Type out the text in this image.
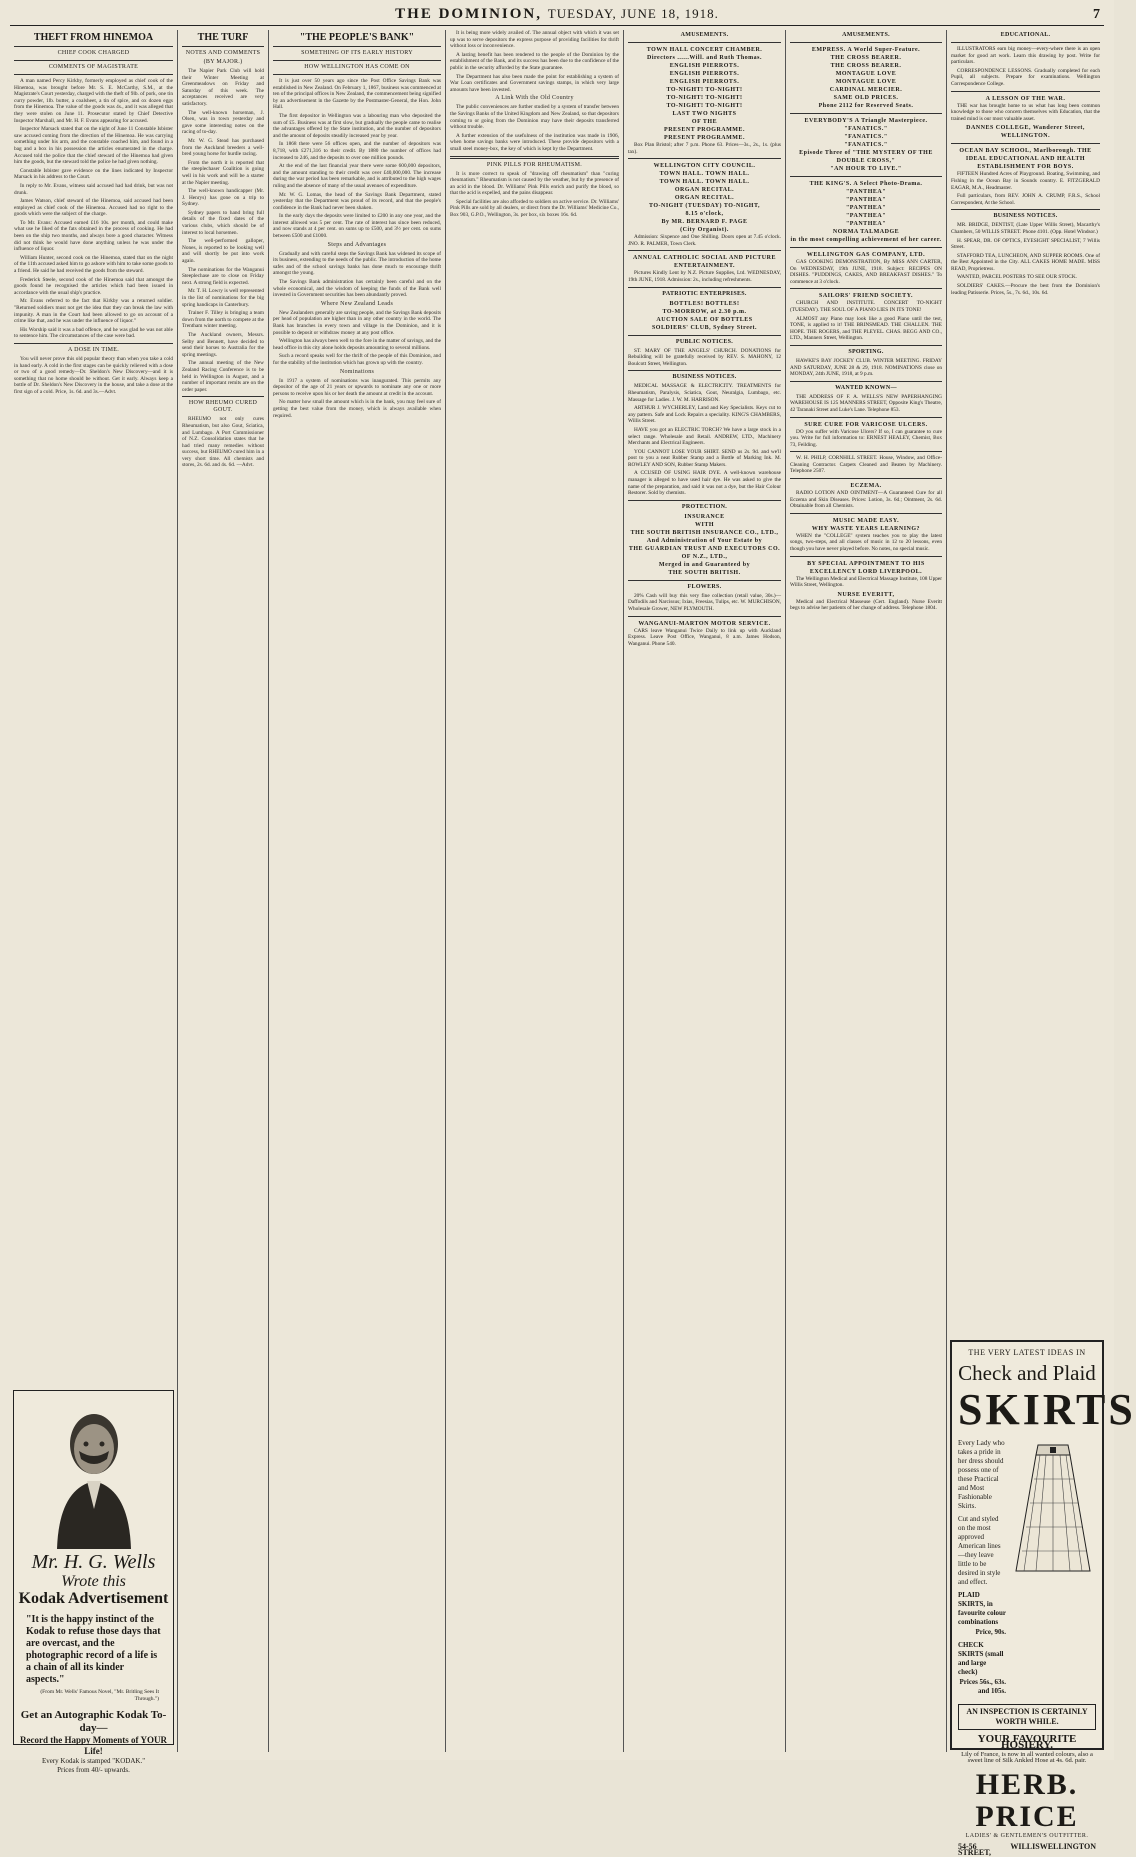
THE DOMINION, TUESDAY, JUNE 18, 1918.	7
THEFT FROM HINEMOA
CHIEF COOK CHARGED
COMMENTS OF MAGISTRATE

A man named Percy Kirkby, formerly employed as chief cook of the Hinemoa, was brought before Mr. S. E. McCarthy, S.M., at the Magistrate's Court yesterday, charged with the theft of 9lb. of pork, one tin curry powder, 1lb. butter, a coalsheet, a tin of spice, and ox dozen eggs from the Hinemoa. The value of the goods was 4s., and it was alleged that they were stolen on June 11. Prosecutor stated by Chief Detective Inspector Marshall, and Mr. H. F. Evans appearing for accused.

Inspector Marsack stated that on the night of June 11 Constable Isbister saw accused coming from the direction of the Hinemoa. He was carrying something under his arm, and the constable coached him, and found in a bag and a box in his possession the articles enumerated in the charge. Accused told the police that the chief steward of the Hinemoa had given him the goods, but the steward told the police he had given nothing.

Constable Isbister gave evidence on the lines indicated by Inspector Marsack in his address to the Court.

In reply to Mr. Evans, witness said accused had had drink, but was not drunk.

James Watson, chief steward of the Hinemoa, said accused had been employed as chief cook of the Hinemoa. Accused had no right to the goods which were the subject of the charge.

To Mr. Evans: Accused earned £16 10s. per month, and could make what use he liked of the fats obtained in the process of cooking. He had been on the ship two months, and always bore a good character. Witness did not think he would have done anything unless he was under the influence of liquor.

William Hunter, second cook on the Hinemoa, stated that on the night of the 11th accused asked him to go ashore with him to take some goods to a friend. He said he had received the goods from the steward.

Frederick Steele, second cook of the Hinemoa said that amongst the goods found he recognised the articles which had been issued in accordance with the usual ship's practice.

Mr. Evans referred to the fact that Kirkby was a returned soldier. "Returned soldiers must not get the idea that they can break the law with impunity. A man in the Court had been allowed to go on account of a crime like that, and he was under the influence of liquor."

His Worship said it was a bad offence, and he was glad he was not able to sentence him. The circumstances of the case were bad.

A DOSE IN TIME.

You will never prove this old popular theory than when you take a cold in hand early. A cold in the first stages can be quickly relieved with a dose or two of a good remedy—Dr. Sheldon's New Discovery—and it is something that no home should be without. Get it early. Always keep a bottle of Dr. Sheldon's New Discovery in the house, and take a dose at the first sign of a cold. Price, 1s. 6d. and 3s.—Advt.

Mr. H. G. Wells
Wrote this
Kodak Advertisement
"It is the happy instinct of the Kodak to refuse those days that are overcast, and the photographic record of a life is a chain of all its kinder aspects."
(From Mr. Wells' Famous Novel, "Mr. Britling Sees It Through.")
Get an Autographic Kodak To-day—
Record the Happy Moments of YOUR Life!
Every Kodak is stamped "KODAK."
Prices from 40/- upwards.
THE TURF
NOTES AND COMMENTS
(BY MAJOR.)

The Napier Park Club will hold their Winter Meeting at Greenmeadows on Friday and Saturday of this week. The acceptances received are very satisfactory.

The well-known horseman, J. Olsen, was in town yesterday and gave some interesting notes on the racing of to-day.

Mr. W. G. Stead has purchased from the Auckland breeders a well-bred young horse for hurdle racing.

From the north it is reported that the steeplechaser Coalition is going well in his work and will be a starter at the Napier meeting.

The well-known handicapper (Mr. J. Henrys) has gone on a trip to Sydney.

Sydney papers to hand bring full details of the fixed dates of the various clubs, which should be of interest to local horsemen.

The well-performed galloper, Nones, is reported to be looking well and will shortly be put into work again.

The nominations for the Wanganui Steeplechase are to close on Friday next. A strong field is expected.

Mr. T. H. Lowry is well represented in the list of nominations for the big spring handicaps in Canterbury.

Trainer F. Tilley is bringing a team down from the north to compete at the Trentham winter meeting.

The Auckland owners, Messrs. Selby and Bennett, have decided to send their horses to Australia for the spring meetings.

The annual meeting of the New Zealand Racing Conference is to be held in Wellington in August, and a number of important remits are on the order paper.

HOW RHEUMO CURED GOUT.

RHEUMO not only cures Rheumatism, but also Gout, Sciatica, and Lumbago. A Port Commissioner of N.Z. Consolidation states that he had tried many remedies without success, but RHEUMO cured him in a very short time. All chemists and stores, 2s. 6d. and 4s. 6d. —Advt.

"THE PEOPLE'S BANK"
SOMETHING OF ITS EARLY HISTORY
HOW WELLINGTON HAS COME ON

It is just over 50 years ago since the Post Office Savings Bank was established in New Zealand. On February 1, 1867, business was commenced at ten of the principal offices in New Zealand, the commencement being signified by an advertisement in the Gazette by the Postmaster-General, the Hon. John Hall.

The first depositor in Wellington was a labouring man who deposited the sum of £5. Business was at first slow, but gradually the people came to realise the advantages offered by the State institution, and the number of depositors and the amount of deposits steadily increased year by year.

In 1868 there were 56 offices open, and the number of depositors was 8,718, with £271,316 to their credit. By 1880 the number of offices had increased to 246, and the deposits to over one million pounds.

At the end of the last financial year there were some 600,000 depositors, and the amount standing to their credit was over £40,000,000. The increase during the war period has been remarkable, and is attributed to the high wages ruling and the absence of many of the usual avenues of expenditure.

Mr. W. G. Lomas, the head of the Savings Bank Department, stated yesterday that the Department was proud of its record, and that the people's confidence in the Bank had never been shaken.

In the early days the deposits were limited to £200 in any one year, and the interest allowed was 5 per cent. The rate of interest has since been reduced, and now stands at 4 per cent. on sums up to £500, and 3½ per cent. on sums between £500 and £1000.

Steps and Advantages

Gradually and with careful steps the Savings Bank has widened its scope of its business, extending to the needs of the public. The introduction of the home safes and of the school savings banks has done much to encourage thrift amongst the young.

The Savings Bank administration has certainly been careful and on the whole economical, and the wisdom of keeping the funds of the Bank well invested in Government securities has been abundantly proved.

Where New Zealand Leads

New Zealanders generally are saving people, and the Savings Bank deposits per head of population are higher than in any other country in the world. The Bank has branches in every town and village in the Dominion, and it is possible to deposit or withdraw money at any post office.

Wellington has always been well to the fore in the matter of savings, and the head office in this city alone holds deposits amounting to several millions.

Such a record speaks well for the thrift of the people of this Dominion, and for the stability of the institution which has grown up with the country.

Nominations

In 1917 a system of nominations was inaugurated. This permits any depositor of the age of 21 years or upwards to nominate any one or more persons to receive upon his or her death the amount at credit in the account.

No matter how small the amount which is in the bank, you may feel sure of getting the best value from the money, which is always available when required.

It is being more widely availed of. The annual object with which it was set up was to serve depositors the express purpose of providing facilities for thrift without loss or inconvenience.

A lasting benefit has been rendered to the people of the Dominion by the establishment of the Bank, and its success has been due to the confidence of the public in the security afforded by the State guarantee.

The Department has also been made the point for establishing a system of War Loan certificates and Government savings stamps, in which very large amounts have been invested.

A Link With the Old Country

The public conveniences are further studied by a system of transfer between the Savings Banks of the United Kingdom and New Zealand, so that depositors coming to or going from the Dominion may have their deposits transferred without trouble.

A further extension of the usefulness of the institution was made in 1906, when home savings banks were introduced. These provide depositors with a small steel money-box, the key of which is kept by the Department.

PINK PILLS FOR RHEUMATISM.

It is more correct to speak of "drawing off rheumatism" than "curing rheumatism." Rheumatism is not caused by the weather, but by the presence of an acid in the blood. Dr. Williams' Pink Pills enrich and purify the blood, so that the acid is expelled, and the pains disappear.

Special facilities are also afforded to soldiers on active service. Dr. Williams' Pink Pills are sold by all dealers, or direct from the Dr. Williams' Medicine Co., Box 903, G.P.O., Wellington, 3s. per box, six boxes 16s. 6d.

AMUSEMENTS.
TOWN HALL CONCERT CHAMBER.
Directors ......Will. and Ruth Thomas.
ENGLISH PIERROTS.
ENGLISH PIERROTS.
ENGLISH PIERROTS.
TO-NIGHT! TO-NIGHT!
TO-NIGHT! TO-NIGHT!
TO-NIGHT! TO-NIGHT!
LAST TWO NIGHTS
OF THE
PRESENT PROGRAMME.
PRESENT PROGRAMME.

Box Plan Bristol; after 7 p.m. Phone 63. Prices—3s., 2s., 1s. (plus tax).

WELLINGTON CITY COUNCIL.
TOWN HALL. TOWN HALL.
TOWN HALL. TOWN HALL.
ORGAN RECITAL.
ORGAN RECITAL.
TO-NIGHT (TUESDAY) TO-NIGHT,
8.15 o'clock,
By MR. BERNARD F. PAGE
(City Organist).

Admission: Sixpence and One Shilling. Doors open at 7.45 o'clock. JNO. R. PALMER, Town Clerk.

ANNUAL CATHOLIC SOCIAL AND PICTURE ENTERTAINMENT.

Pictures Kindly Lent by N.Z. Picture Supplies, Ltd. WEDNESDAY, 19th JUNE, 1918. Admission: 2s., including refreshments.

PATRIOTIC ENTERPRISES.
BOTTLES! BOTTLES!
TO-MORROW, at 2.30 p.m.
AUCTION SALE OF BOTTLES
SOLDIERS' CLUB, Sydney Street.
PUBLIC NOTICES.

ST. MARY OF THE ANGELS' CHURCH. DONATIONS for Rebuilding will be gratefully received by REV. S. MAHONY, 12 Boulcott Street, Wellington.

BUSINESS NOTICES.

MEDICAL MASSAGE & ELECTRICITY. TREATMENTS for Rheumatism, Paralysis, Sciatica, Gout, Neuralgia, Lumbago, etc. Massage for Ladies. J. W. M. HARRISON.

ARTHUR J. WYCHERLEY, Land and Key Specialists. Keys cut to any pattern. Safe and Lock Repairs a speciality. KING'S CHAMBERS, Willis Street.

HAVE you got an ELECTRIC TORCH? We have a large stock in a select range. Wholesale and Retail. ANDREW, LTD., Machinery Merchants and Electrical Engineers.

YOU CANNOT LOSE YOUR SHIRT. SEND us 2s. 9d. and we'll post to you a neat Rubber Stamp and a Bottle of Marking Ink. M. ROWLEY AND SON, Rubber Stamp Makers.

A CCUSED OF USING HAIR DYE. A well-known warehouse manager is alleged to have used hair dye. He was asked to give the name of the preparation, and said it was not a dye, but the Hair Colour Restorer. Sold by chemists.

PROTECTION.
INSURANCE
WITH
THE SOUTH BRITISH INSURANCE CO., LTD.,
And Administration of Your Estate by
THE GUARDIAN TRUST AND EXECUTORS CO. OF N.Z., LTD.,
Merged in and Guaranteed by
THE SOUTH BRITISH.
FLOWERS.

20% Cash will buy this very fine collection (retail value, 30s.)—Daffodils and Narcissus; Ixias, Freesias, Tulips, etc. W. MURCHISON, Wholesale Grower, NEW PLYMOUTH.

WANGANUI-MARTON MOTOR SERVICE.

CARS leave Wanganui Twice Daily to link up with Auckland Express. Leave Post Office, Wanganui, 8 a.m. James Hodson, Wanganui. Phone 540.

AMUSEMENTS.
EMPRESS. A World Super-Feature.
THE CROSS BEARER.
THE CROSS BEARER.
MONTAGUE LOVE
MONTAGUE LOVE
CARDINAL MERCIER.
SAME OLD PRICES.
Phone 2112 for Reserved Seats.
EVERYBODY'S A Triangle Masterpiece.
"FANATICS."
"FANATICS."
"FANATICS."
Episode Three of "THE MYSTERY OF THE DOUBLE CROSS,"
"AN HOUR TO LIVE."
THE KING'S. A Select Photo-Drama.
"PANTHEA"
"PANTHEA"
"PANTHEA"
"PANTHEA"
"PANTHEA"
NORMA TALMADGE
in the most compelling achievement of her career.
WELLINGTON GAS COMPANY, LTD.

GAS COOKING DEMONSTRATION, By MISS ANN CARTER, On WEDNESDAY, 19th JUNE, 1918. Subject: RECIPES ON DISHES. "PUDDINGS, CAKES, AND BREAKFAST DISHES." To commence at 3 o'clock.

SAILORS' FRIEND SOCIETY.

CHURCH AND INSTITUTE. CONCERT TO-NIGHT (TUESDAY). THE SOUL OF A PIANO LIES IN ITS TONE!

ALMOST any Piano may look like a good Piano until the test, TONE, is applied to it! THE BRINSMEAD. THE CHALLEN. THE HOPE. THE ROGERS, and THE PLEYEL. CHAS. BEGG AND CO., LTD., Manners Street, Wellington.

SPORTING.

HAWKE'S BAY JOCKEY CLUB. WINTER MEETING. FRIDAY AND SATURDAY, JUNE 28 & 29, 1918. NOMINATIONS close on MONDAY, 24th JUNE, 1918, at 9 p.m.

WANTED KNOWN—

THE ADDRESS OF F. A. WELLS'S NEW PAPERHANGING WAREHOUSE IS 125 MANNERS STREET, Opposite King's Theatre, 42 Taranaki Street and Luke's Lane. Telephone 853.

SURE CURE FOR VARICOSE ULCERS.

DO you suffer with Varicose Ulcers? If so, I can guarantee to cure you. Write for full information to: ERNEST HEALEY, Chemist, Box 73, Feilding.

W. H. PHILP, CORNHILL STREET. House, Window, and Office-Cleaning Contractor. Carpets Cleaned and Beaten by Machinery. Telephone 2507.

ECZEMA.

RADIO LOTION AND OINTMENT—A Guaranteed Cure for all Eczema and Skin Diseases. Prices: Lotion, 3s. 6d.; Ointment, 2s. 6d. Obtainable from all Chemists.

MUSIC MADE EASY.
WHY WASTE YEARS LEARNING?

WHEN the "COLLEGE" system teaches you to play the latest songs, two-steps, and all classes of music in 12 to 20 lessons, even though you have never played before. No notes, no special music.

BY SPECIAL APPOINTMENT TO HIS EXCELLENCY LORD LIVERPOOL.

The Wellington Medical and Electrical Massage Institute, 108 Upper Willis Street, Wellington.

NURSE EVERITT,

Medical and Electrical Masseuse (Cert. England). Nurse Everitt begs to advise her patients of her change of address. Telephone 1804.

EDUCATIONAL.

ILLUSTRATORS earn big money—every-where there is an open market for good art work. Learn this drawing by post. Write for particulars.

CORRESPONDENCE LESSONS. Gradually completed for each Pupil, all subjects. Prepare for examinations. Wellington Correspondence College.

A LESSON OF THE WAR.

THE war has brought home to us what has long been common knowledge to those who concern themselves with Education, that the trained mind is our most valuable asset.

DANNES COLLEGE, Wanderer Street, WELLINGTON.
OCEAN BAY SCHOOL, Marlborough. THE IDEAL EDUCATIONAL AND HEALTH ESTABLISHMENT FOR BOYS.

FIFTEEN Hundred Acres of Playground. Boating, Swimming, and Fishing in the Ocean Bay in Sounds country. E. FITZGERALD EAGAR, M.A., Headmaster.

Full particulars, from REV. JOHN A. CRUMP, F.R.S., School Correspondent, At the School.

BUSINESS NOTICES.

MR. BRIDGE, DENTIST, (Late Upper Willis Street), Macarthy's Chambers, 50 WILLIS STREET. Phone 4101. (Opp. Hotel Windsor.)

H. SPEAR, DR. OF OPTICS, EYESIGHT SPECIALIST, 7 Willis Street.

STAFFORD TEA, LUNCHEON, AND SUPPER ROOMS. One of the Best Appointed in the City. ALL CAKES HOME MADE. MISS READ, Proprietress.

WANTED, PARCEL POSTERS TO SEE OUR STOCK.

SOLDIERS' CAKES.—Procure the best from the Dominion's leading Patisserie. Prices, 5s., 7s. 6d., 10s. 6d.

THE VERY LATEST IDEAS IN
Check and Plaid
SKIRTS

Every Lady who takes a pride in her dress should possess one of these Practical and Most Fashionable Skirts.

Cut and styled on the most approved American lines—they leave little to be desired in style and effect.

PLAID SKIRTS, in favourite colour combinations
Price, 90s.
CHECK SKIRTS (small and large check)
Prices 56s., 63s. and 105s.
AN INSPECTION IS CERTAINLY WORTH WHILE.
YOUR FAVOURITE HOSIERY.
Lily of France, is now in all wanted colours, also a sweet line of Silk Ankled Hose at 4s. 6d. pair.
HERB. PRICE
LADIES' & GENTLEMEN'S OUTFITTER.
54-56 WILLIS STREET,
WELLINGTON
